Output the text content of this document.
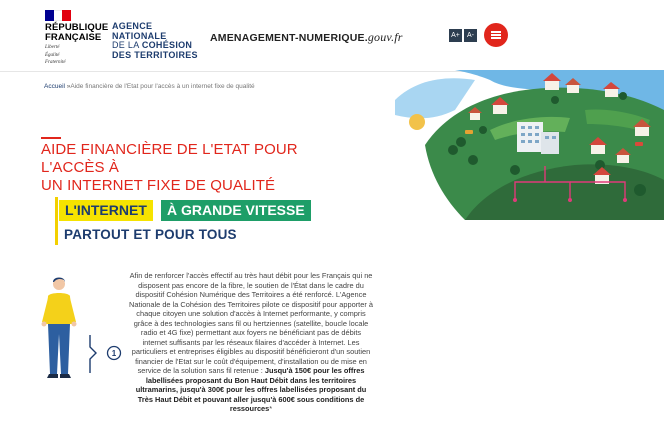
RÉPUBLIQUE
FRANÇAISE
Liberté
Égalité
Fraternité
AGENCE
NATIONALE
DE LA COHÉSION
DES TERRITOIRES
AMENAGEMENT-NUMERIQUE.gouv.fr	A+	A-
Accueil »Aide financière de l'Etat pour l'accès à un internet fixe de qualité
AIDE FINANCIÈRE DE L'ETAT POUR L'ACCÈS À
UN INTERNET FIXE DE QUALITÉ
L'INTERNET	À GRANDE VITESSE
PARTOUT ET POUR TOUS
1

Afin de renforcer l'accès effectif au très haut débit pour les Français qui ne disposent pas encore de la fibre, le soutien de l'État dans le cadre du dispositif Cohésion Numérique des Territoires a été renforcé. L'Agence Nationale de la Cohésion des Territoires pilote ce dispositif pour apporter à chaque citoyen une solution d'accès à Internet performante, y compris grâce à des technologies sans fil ou hertziennes (satellite, boucle locale radio et 4G fixe) permettant aux foyers ne bénéficiant pas de débits internet suffisants par les réseaux filaires d'accéder à Internet. Les particuliers et entreprises éligibles au dispositif bénéficieront d'un soutien financier de l'Etat sur le coût d'équipement, d'installation ou de mise en service de la solution sans fil retenue : Jusqu'à 150€ pour les offres labellisées proposant du Bon Haut Débit dans les territoires ultramarins, jusqu'à 300€ pour les offres labellisées proposant du Très Haut Débit et pouvant aller jusqu'à 600€ sous conditions de ressources*
